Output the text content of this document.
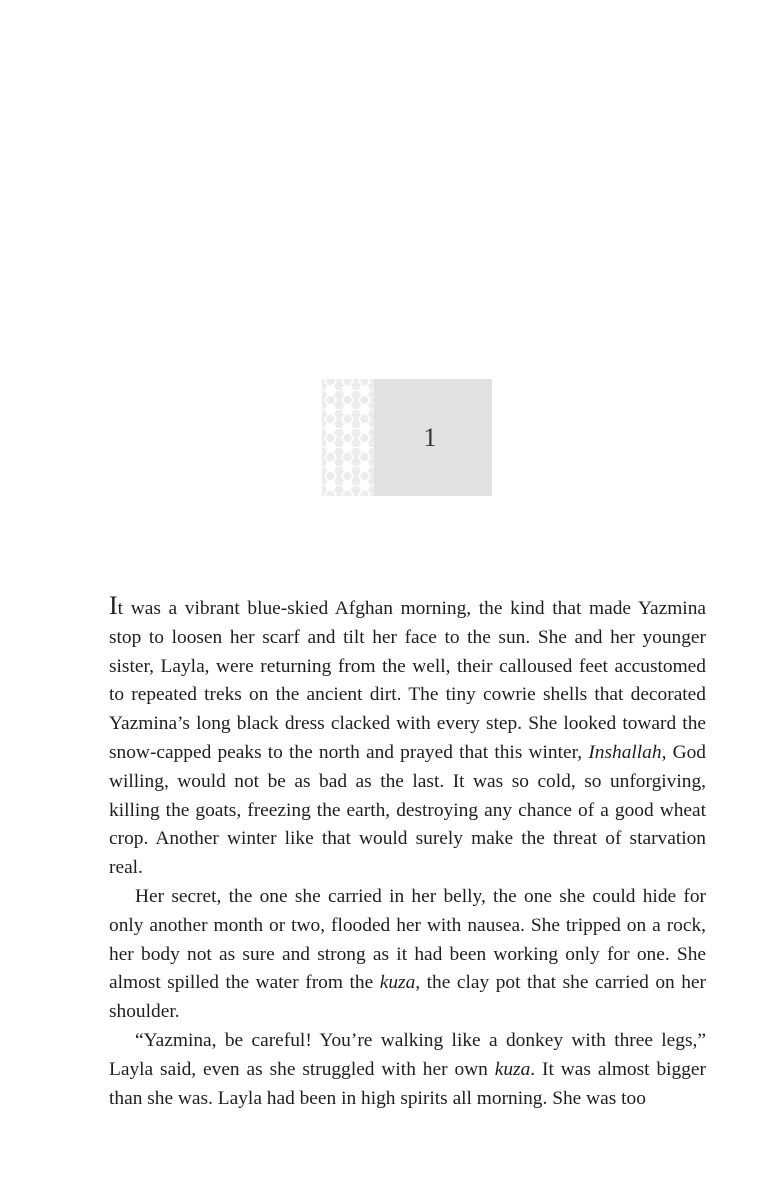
1

It was a vibrant blue-skied Afghan morning, the kind that made Yazmina stop to loosen her scarf and tilt her face to the sun. She and her younger sister, Layla, were returning from the well, their calloused feet accustomed to repeated treks on the ancient dirt. The tiny cowrie shells that decorated Yazmina’s long black dress clacked with every step. She looked toward the snow-capped peaks to the north and prayed that this winter, Inshallah, God willing, would not be as bad as the last. It was so cold, so unforgiving, killing the goats, freezing the earth, destroying any chance of a good wheat crop. Another winter like that would surely make the threat of starvation real.

Her secret, the one she carried in her belly, the one she could hide for only another month or two, flooded her with nausea. She tripped on a rock, her body not as sure and strong as it had been working only for one. She almost spilled the water from the kuza, the clay pot that she carried on her shoulder.

“Yazmina, be careful! You’re walking like a donkey with three legs,” Layla said, even as she struggled with her own kuza. It was almost bigger than she was. Layla had been in high spirits all morning. She was too
